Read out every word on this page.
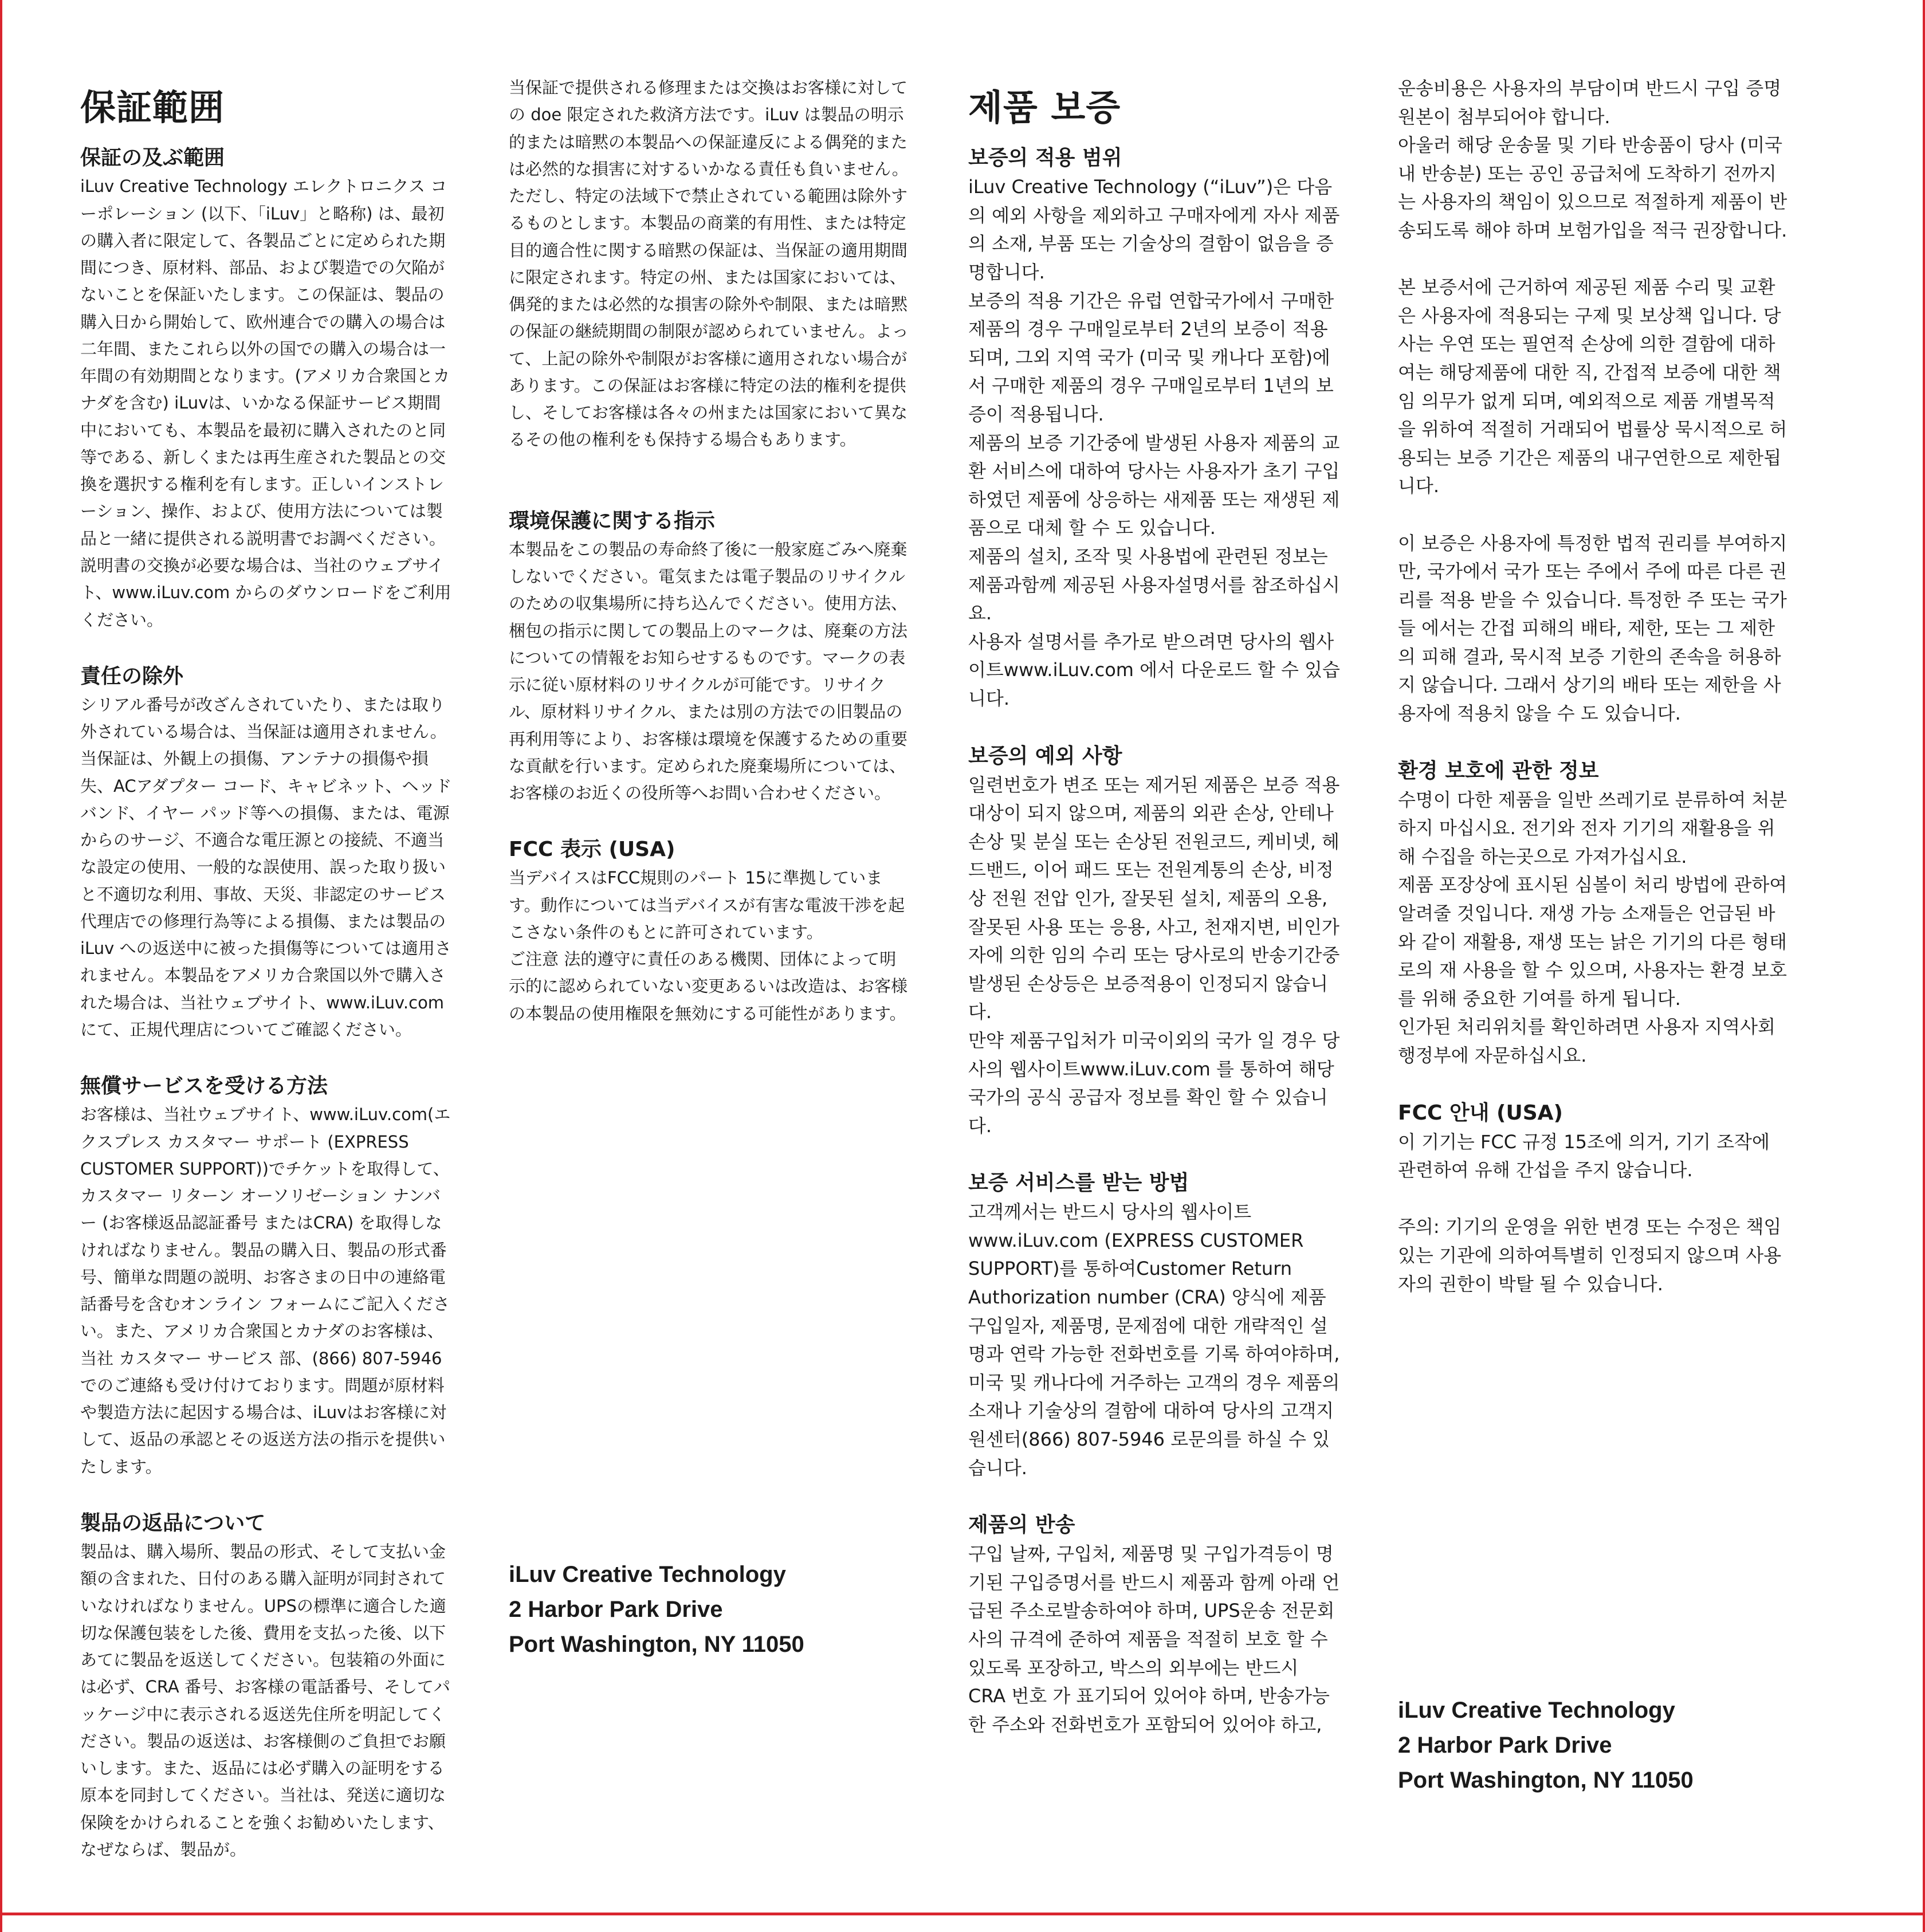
保証範囲
保証の及ぶ範囲

iLuv Creative Technology エレクトロニクス コーポレーション (以下、「iLuv」と略称) は、最初の購入者に限定して、各製品ごとに定められた期間につき、原材料、部品、および製造での欠陥がないことを保証いたします。この保証は、製品の購入日から開始して、欧州連合での購入の場合は二年間、またこれら以外の国での購入の場合は一年間の有効期間となります。(アメリカ合衆国とカナダを含む) iLuvは、いかなる保証サービス期間中においても、本製品を最初に購入されたのと同等である、新しくまたは再生産された製品との交換を選択する権利を有します。正しいインストレーション、操作、および、使用方法については製品と一緒に提供される説明書でお調べください。説明書の交換が必要な場合は、当社のウェブサイト、www.iLuv.com からのダウンロードをご利用ください。

責任の除外

シリアル番号が改ざんされていたり、または取り外されている場合は、当保証は適用されません。当保証は、外観上の損傷、アンテナの損傷や損失、ACアダプター コード、キャビネット、ヘッドバンド、イヤー パッド等への損傷、または、電源からのサージ、不適合な電圧源との接続、不適当な設定の使用、一般的な誤使用、誤った取り扱いと不適切な利用、事故、天災、非認定のサービス代理店での修理行為等による損傷、または製品のiLuv への返送中に被った損傷等については適用されません。本製品をアメリカ合衆国以外で購入された場合は、当社ウェブサイト、www.iLuv.comにて、正規代理店についてご確認ください。

無償サービスを受ける方法

お客様は、当社ウェブサイト、www.iLuv.com(エクスプレス カスタマー サポート (EXPRESS CUSTOMER SUPPORT))でチケットを取得して、カスタマー リターン オーソリゼーション ナンバー (お客様返品認証番号 またはCRA) を取得しなければなりません。製品の購入日、製品の形式番号、簡単な問題の説明、お客さまの日中の連絡電話番号を含むオンライン フォームにご記入ください。また、アメリカ合衆国とカナダのお客様は、当社 カスタマー サービス 部、(866) 807-5946 でのご連絡も受け付けております。問題が原材料や製造方法に起因する場合は、iLuvはお客様に対して、返品の承認とその返送方法の指示を提供いたします。

製品の返品について

製品は、購入場所、製品の形式、そして支払い金額の含まれた、日付のある購入証明が同封されていなければなりません。UPSの標準に適合した適切な保護包装をした後、費用を支払った後、以下あてに製品を返送してください。包装箱の外面には必ず、CRA 番号、お客様の電話番号、そしてパッケージ中に表示される返送先住所を明記してください。製品の返送は、お客様側のご負担でお願いします。また、返品には必ず購入の証明をする原本を同封してください。当社は、発送に適切な保険をかけられることを強くお勧めいたします、なぜならば、製品が。

当保証で提供される修理または交換はお客様に対しての doe 限定された救済方法です。iLuv は製品の明示的または暗黙の本製品への保証違反による偶発的または必然的な損害に対するいかなる責任も負いません。ただし、特定の法域下で禁止されている範囲は除外するものとします。本製品の商業的有用性、または特定目的適合性に関する暗黙の保証は、当保証の適用期間に限定されます。特定の州、または国家においては、偶発的または必然的な損害の除外や制限、または暗黙の保証の継続期間の制限が認められていません。よって、上記の除外や制限がお客様に適用されない場合があります。この保証はお客様に特定の法的権利を提供し、そしてお客様は各々の州または国家において異なるその他の権利をも保持する場合もあります。

環境保護に関する指示

本製品をこの製品の寿命終了後に一般家庭ごみへ廃棄しないでください。電気または電子製品のリサイクルのための収集場所に持ち込んでください。使用方法、梱包の指示に関しての製品上のマークは、廃棄の方法についての情報をお知らせするものです。マークの表示に従い原材料のリサイクルが可能です。リサイクル、原材料リサイクル、または別の方法での旧製品の再利用等により、お客様は環境を保護するための重要な貢献を行います。定められた廃棄場所については、お客様のお近くの役所等へお問い合わせください。

FCC 表示 (USA)

当デバイスはFCC規則のパート 15に準拠しています。動作については当デバイスが有害な電波干渉を起こさない条件のもとに許可されています。
ご注意 法的遵守に責任のある機関、団体によって明示的に認められていない変更あるいは改造は、お客様の本製品の使用権限を無効にする可能性があります。

iLuv Creative Technology
2 Harbor Park Drive
Port Washington, NY 11050
제품 보증
보증의 적용 범위

iLuv Creative Technology (“iLuv”)은 다음의 예외 사항을 제외하고 구매자에게 자사 제품의 소재, 부품 또는 기술상의 결함이 없음을 증명합니다.
보증의 적용 기간은 유럽 연합국가에서 구매한 제품의 경우 구매일로부터 2년의 보증이 적용되며, 그외 지역 국가 (미국 및 캐나다 포함)에서 구매한 제품의 경우 구매일로부터 1년의 보증이 적용됩니다.
제품의 보증 기간중에 발생된 사용자 제품의 교환 서비스에 대하여 당사는 사용자가 초기 구입하였던 제품에 상응하는 새제품 또는 재생된 제품으로 대체 할 수 도 있습니다.
제품의 설치, 조작 및 사용법에 관련된 정보는 제품과함께 제공된 사용자설명서를 참조하십시요.
사용자 설명서를 추가로 받으려면 당사의 웹사이트www.iLuv.com 에서 다운로드 할 수 있습니다.

보증의 예외 사항

일련번호가 변조 또는 제거된 제품은 보증 적용 대상이 되지 않으며, 제품의 외관 손상, 안테나 손상 및 분실 또는 손상된 전원코드, 케비넷, 헤드밴드, 이어 패드 또는 전원계통의 손상, 비정상 전원 전압 인가, 잘못된 설치, 제품의 오용, 잘못된 사용 또는 응용, 사고, 천재지변, 비인가자에 의한 임의 수리 또는 당사로의 반송기간중 발생된 손상등은 보증적용이 인정되지 않습니다.
만약 제품구입처가 미국이외의 국가 일 경우 당사의 웹사이트www.iLuv.com 를 통하여 해당국가의 공식 공급자 정보를 확인 할 수 있습니다.

보증 서비스를 받는 방법

고객께서는 반드시 당사의 웹사이트 www.iLuv.com (EXPRESS CUSTOMER SUPPORT)를 통하여Customer Return Authorization number (CRA) 양식에 제품 구입일자, 제품명, 문제점에 대한 개략적인 설명과 연락 가능한 전화번호를 기록 하여야하며, 미국 및 캐나다에 거주하는 고객의 경우 제품의 소재나 기술상의 결함에 대하여 당사의 고객지원센터(866) 807-5946 로문의를 하실 수 있습니다.

제품의 반송

구입 날짜, 구입처, 제품명 및 구입가격등이 명기된 구입증명서를 반드시 제품과 함께 아래 언급된 주소로발송하여야 하며, UPS운송 전문회사의 규격에 준하여 제품을 적절히 보호 할 수 있도록 포장하고, 박스의 외부에는 반드시 CRA 번호 가 표기되어 있어야 하며, 반송가능한 주소와 전화번호가 포함되어 있어야 하고,

운송비용은 사용자의 부담이며 반드시 구입 증명 원본이 첨부되어야 합니다.
아울러 해당 운송물 및 기타 반송품이 당사 (미국내 반송분) 또는 공인 공급처에 도착하기 전까지는 사용자의 책임이 있으므로 적절하게 제품이 반송되도록 해야 하며 보험가입을 적극 권장합니다.

본 보증서에 근거하여 제공된 제품 수리 및 교환은 사용자에 적용되는 구제 및 보상책 입니다. 당사는 우연 또는 필연적 손상에 의한 결함에 대하여는 해당제품에 대한 직, 간접적 보증에 대한 책임 의무가 없게 되며, 예외적으로 제품 개별목적을 위하여 적절히 거래되어 법률상 묵시적으로 허용되는 보증 기간은 제품의 내구연한으로 제한됩니다.

이 보증은 사용자에 특정한 법적 권리를 부여하지만, 국가에서 국가 또는 주에서 주에 따른 다른 권리를 적용 받을 수 있습니다. 특정한 주 또는 국가들 에서는 간접 피해의 배타, 제한, 또는 그 제한의 피해 결과, 묵시적 보증 기한의 존속을 허용하지 않습니다. 그래서 상기의 배타 또는 제한을 사용자에 적용치 않을 수 도 있습니다.

환경 보호에 관한 정보

수명이 다한 제품을 일반 쓰레기로 분류하여 처분하지 마십시요. 전기와 전자 기기의 재활용을 위해 수집을 하는곳으로 가져가십시요.
제품 포장상에 표시된 심볼이 처리 방법에 관하여 알려줄 것입니다. 재생 가능 소재들은 언급된 바와 같이 재활용, 재생 또는 낡은 기기의 다른 형태로의 재 사용을 할 수 있으며, 사용자는 환경 보호를 위해 중요한 기여를 하게 됩니다.
인가된 처리위치를 확인하려면 사용자 지역사회 행정부에 자문하십시요.

FCC 안내 (USA)

이 기기는 FCC 규정 15조에 의거, 기기 조작에 관련하여 유해 간섭을 주지 않습니다.

주의: 기기의 운영을 위한 변경 또는 수정은 책임있는 기관에 의하여특별히 인정되지 않으며 사용자의 권한이 박탈 될 수 있습니다.

iLuv Creative Technology
2 Harbor Park Drive
Port Washington, NY 11050
